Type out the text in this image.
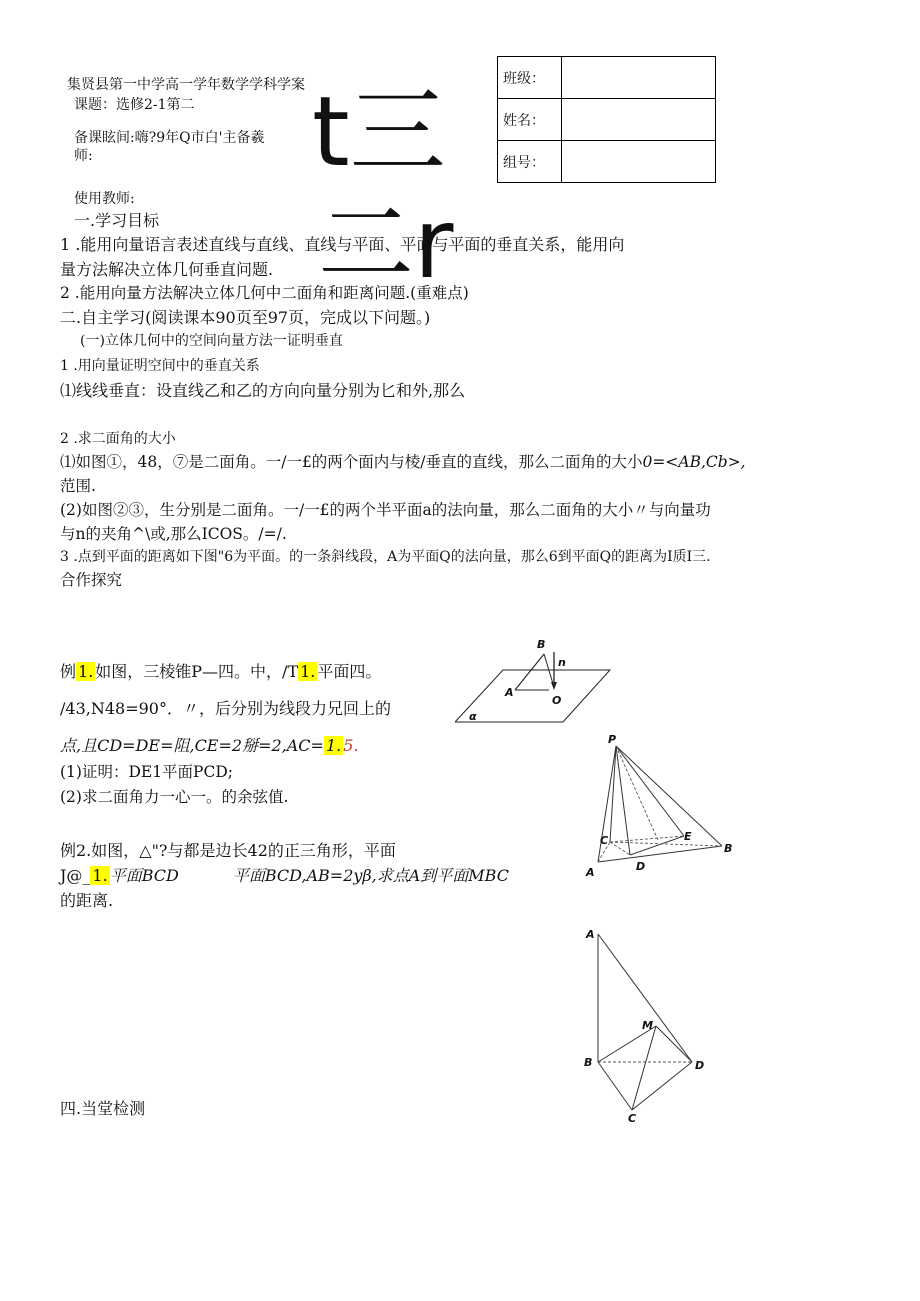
集贤县第一中学高一学年数学学科学案
课题：选修2-1第二
备课眩间:嗨?9年Q市白'主备羲
师:
使用教师:
t三
二r
班级：	
姓名：	
组号：	
一.学习目标
1 .能用向量语言表述直线与直线、直线与平面、平面与平面的垂直关系，能用向
量方法解决立体几何垂直问题.
2 .能用向量方法解决立体几何中二面角和距离问题.(重难点)
二.自主学习(阅读课本90页至97页，完成以下问题。)
(一)立体几何中的空间向量方法一证明垂直
1 .用向量证明空间中的垂直关系
⑴线线垂直：设直线乙和乙的方向向量分别为匕和外,那么
2 .求二面角的大小
⑴如图①，48，⑦是二面角。一/一£的两个面内与棱/垂直的直线，那么二面角的大小0=<AB,Cb>,
范围.
(2)如图②③，生分别是二面角。一/一£的两个半平面a的法向量，那么二面角的大小〃与向量功
与n的夹角^\或,那么ICOS。/=/.
3 .点到平面的距离如下图"6为平面。的一条斜线段，A为平面Q的法向量，那么6到平面Q的距离为I质I三.
合作探究
例 1. 如图，三棱锥P—四。中，/T 1. 平面四。
/43,N48=90°．〃，后分别为线段力兄回上的
点,且CD=DE=阻,CE=2掰=2,AC= 1. 5.
(1)证明：DE1平面PCD;
(2)求二面角力一心一。的余弦值.
例2.如图，△"?与都是边长42的正三角形，平面
J@_ 1. 平面BCD	平面BCD,AB=2yβ,求点A到平面MBC
的距离.
四.当堂检测
B
n
A
O
α
P
C	E
B
A	D
A
M
B	D
C
